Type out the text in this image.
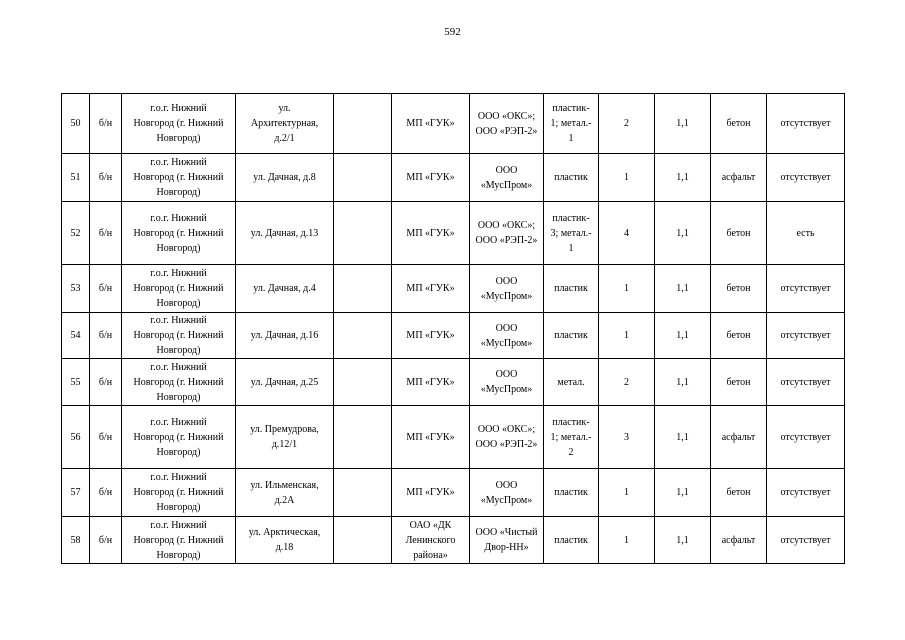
592
50	б/н	г.о.г. Нижний
Новгород (г. Нижний
Новгород)	ул.
Архитектурная,
д.2/1		МП «ГУК»	ООО «ОКС»;
ООО «РЭП-2»	пластик-
1; метал.-
1	2	1,1	бетон	отсутствует
51	б/н	г.о.г. Нижний
Новгород (г. Нижний
Новгород)	ул. Дачная, д.8		МП «ГУК»	ООО
«МусПром»	пластик	1	1,1	асфальт	отсутствует
52	б/н	г.о.г. Нижний
Новгород (г. Нижний
Новгород)	ул. Дачная, д.13		МП «ГУК»	ООО «ОКС»;
ООО «РЭП-2»	пластик-
3; метал.-
1	4	1,1	бетон	есть
53	б/н	г.о.г. Нижний
Новгород (г. Нижний
Новгород)	ул. Дачная, д.4		МП «ГУК»	ООО
«МусПром»	пластик	1	1,1	бетон	отсутствует
54	б/н	г.о.г. Нижний
Новгород (г. Нижний
Новгород)	ул. Дачная, д.16		МП «ГУК»	ООО
«МусПром»	пластик	1	1,1	бетон	отсутствует
55	б/н	г.о.г. Нижний
Новгород (г. Нижний
Новгород)	ул. Дачная, д.25		МП «ГУК»	ООО
«МусПром»	метал.	2	1,1	бетон	отсутствует
56	б/н	г.о.г. Нижний
Новгород (г. Нижний
Новгород)	ул. Премудрова,
д.12/1		МП «ГУК»	ООО «ОКС»;
ООО «РЭП-2»	пластик-
1; метал.-
2	3	1,1	асфальт	отсутствует
57	б/н	г.о.г. Нижний
Новгород (г. Нижний
Новгород)	ул. Ильменская,
д.2А		МП «ГУК»	ООО
«МусПром»	пластик	1	1,1	бетон	отсутствует
58	б/н	г.о.г. Нижний
Новгород (г. Нижний
Новгород)	ул. Арктическая,
д.18		ОАО «ДК
Ленинского
района»	ООО «Чистый
Двор-НН»	пластик	1	1,1	асфальт	отсутствует
